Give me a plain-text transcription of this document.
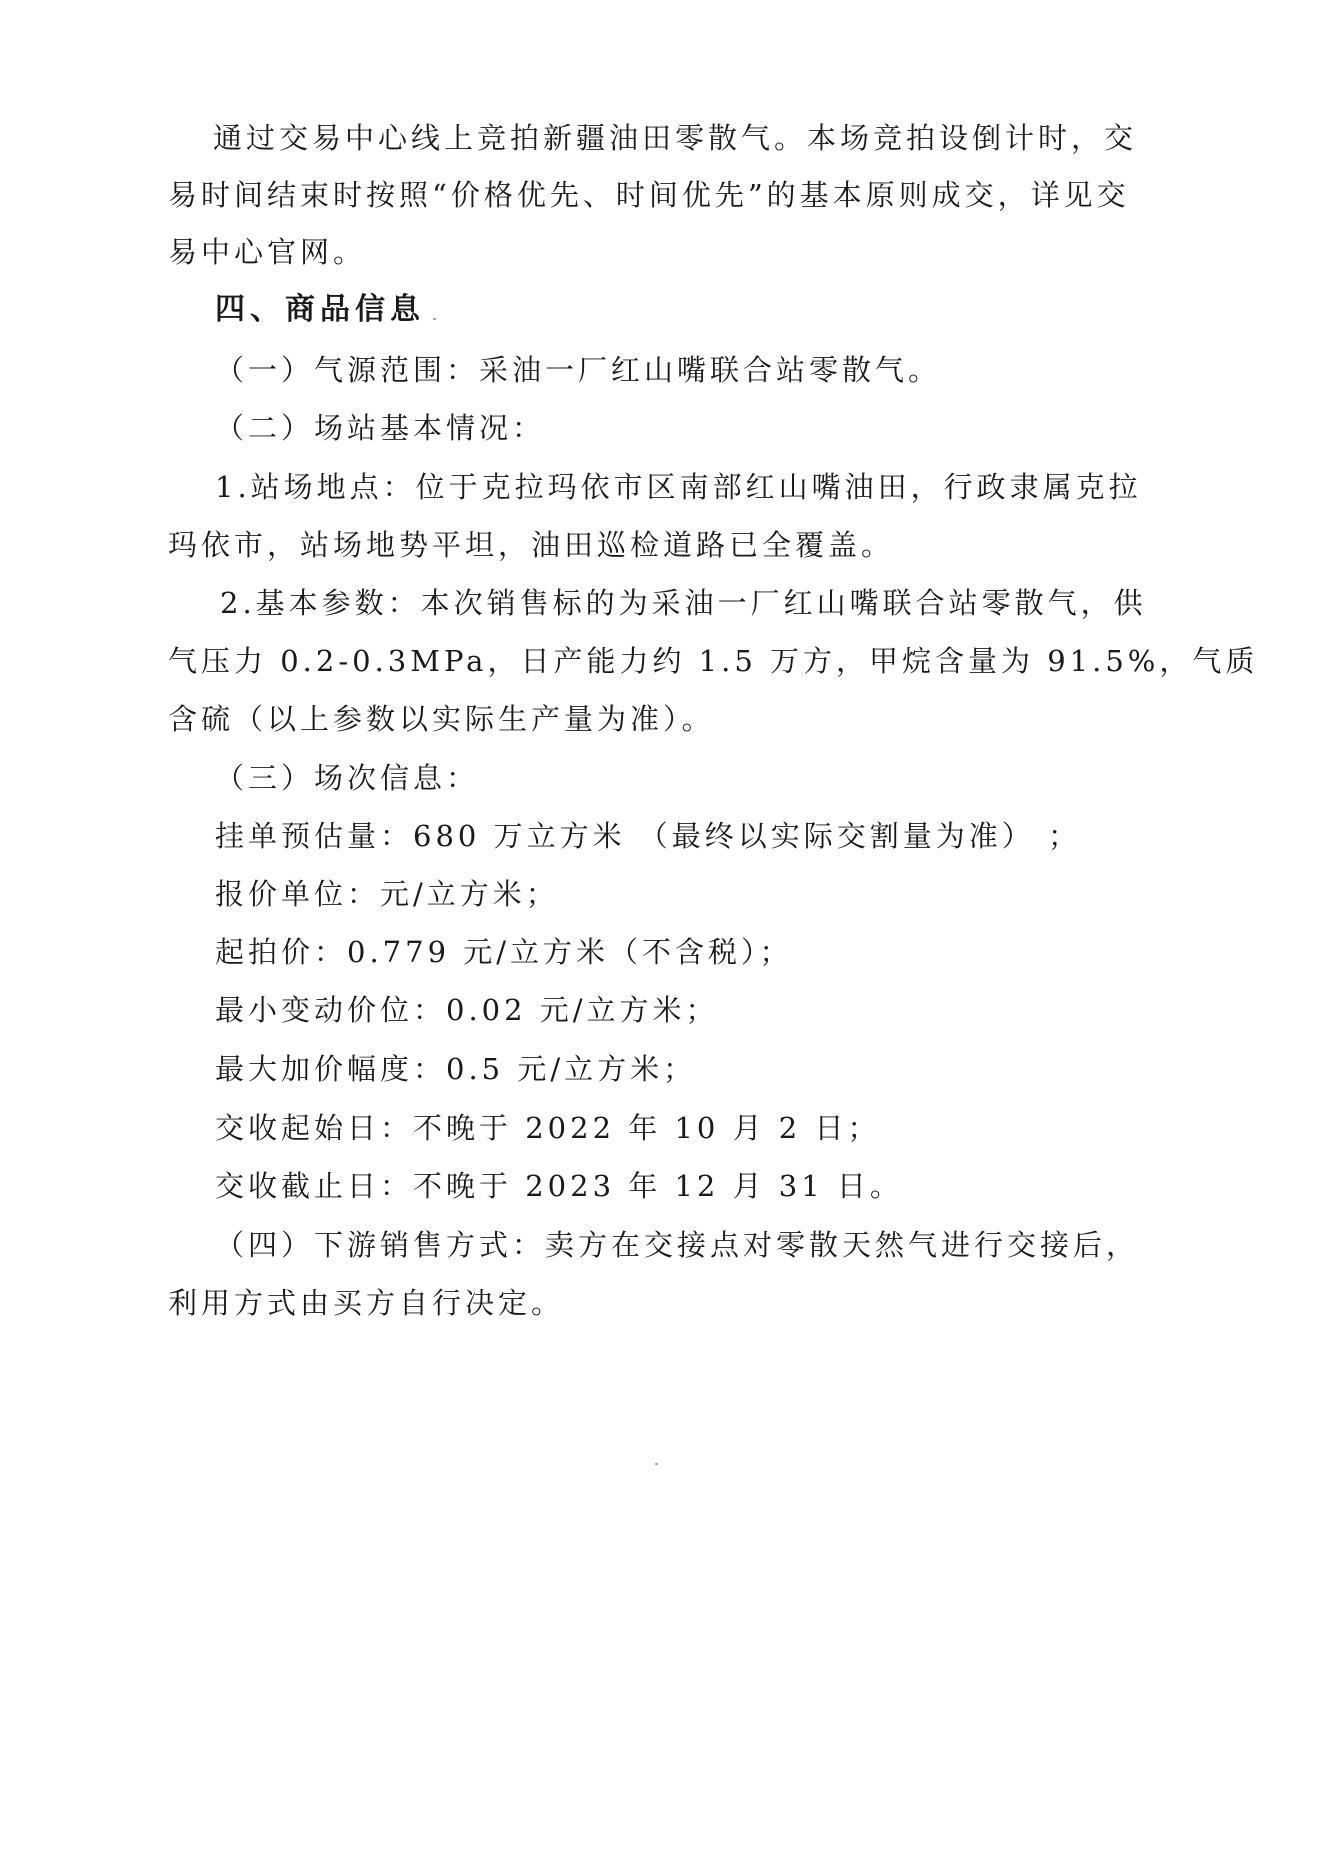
通过交易中心线上竞拍新疆油田零散气。本场竞拍设倒计时，交
易时间结束时按照“价格优先、时间优先”的基本原则成交，详见交
易中心官网。
四、商品信息
（一）气源范围：采油一厂红山嘴联合站零散气。
（二）场站基本情况：
1.站场地点：位于克拉玛依市区南部红山嘴油田，行政隶属克拉
玛依市，站场地势平坦，油田巡检道路已全覆盖。
2.基本参数：本次销售标的为采油一厂红山嘴联合站零散气，供
气压力 0.2-0.3MPa，日产能力约 1.5 万方，甲烷含量为 91.5%，气质
含硫（以上参数以实际生产量为准）。
（三）场次信息：
挂单预估量：680 万立方米 （最终以实际交割量为准） ；
报价单位：元/立方米；
起拍价：0.779 元/立方米（不含税）；
最小变动价位：0.02 元/立方米；
最大加价幅度：0.5 元/立方米；
交收起始日：不晚于 2022 年 10 月 2 日；
交收截止日：不晚于 2023 年 12 月 31 日。
（四）下游销售方式：卖方在交接点对零散天然气进行交接后，
利用方式由买方自行决定。
